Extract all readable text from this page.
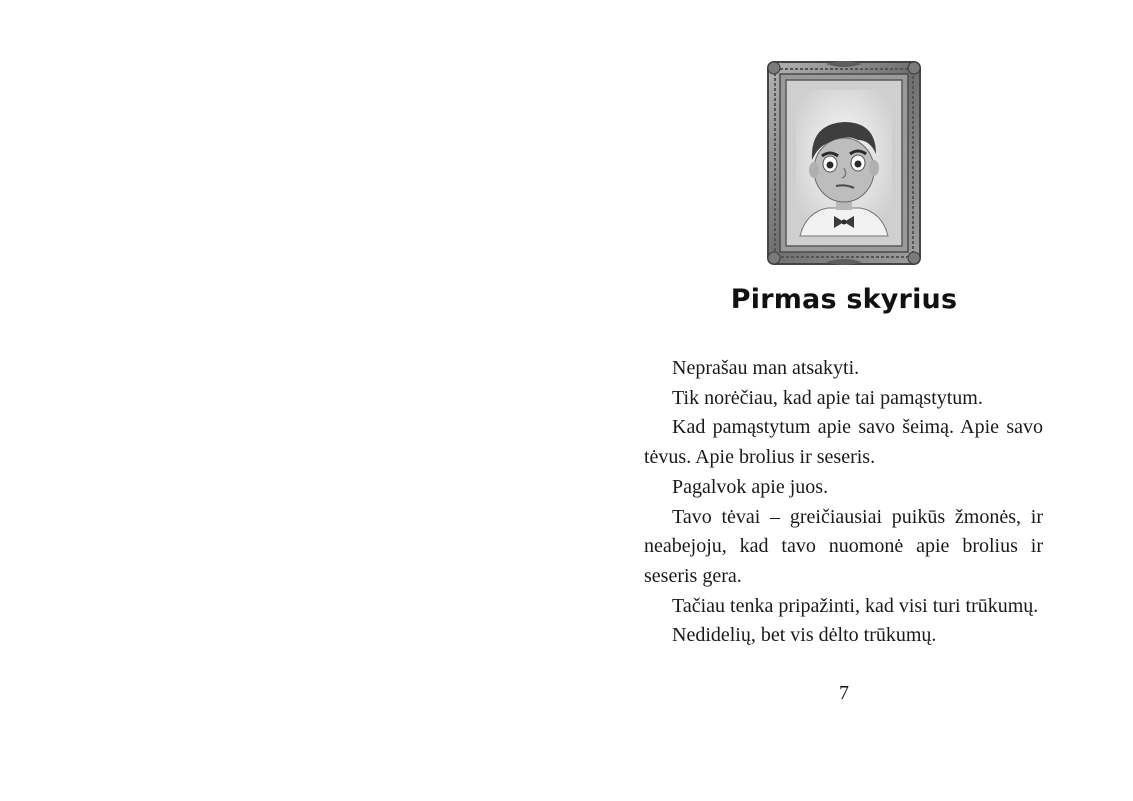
Pirmas skyrius

Neprašau man atsakyti.

Tik norėčiau, kad apie tai pamąstytum.

Kad pamąstytum apie savo šeimą. Apie savo tėvus. Apie brolius ir seseris.

Pagalvok apie juos.

Tavo tėvai – greičiausiai puikūs žmonės, ir neabejoju, kad tavo nuomonė apie brolius ir seseris gera.

Tačiau tenka pripažinti, kad visi turi trūkumų.

Nedidelių, bet vis dėlto trūkumų.

7
